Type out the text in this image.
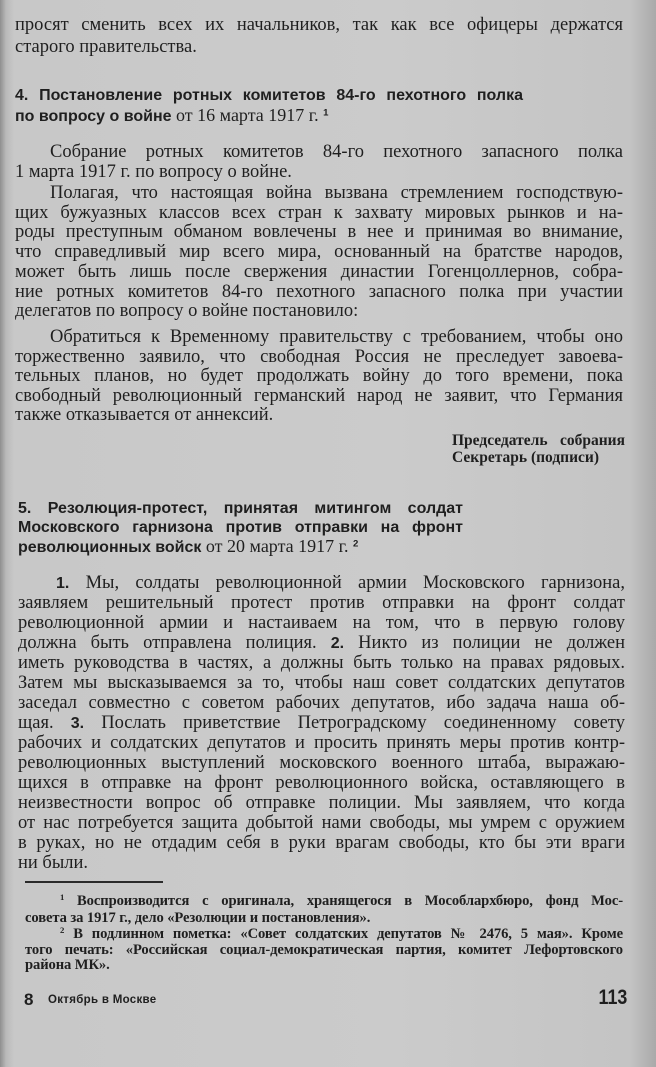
просят сменить всех их начальников, так как все офицеры держатся
старого правительства.
4. Постановление ротных комитетов 84-го пехотного полка
по вопросу о войне от 16 марта 1917 г. $^1$
Собрание ротных комитетов 84-го пехотного запасного полка
1 марта 1917 г. по вопросу о войне.
Полагая, что настоящая война вызвана стремлением господствую-
щих бужуазных классов всех стран к захвату мировых рынков и на-
роды преступным обманом вовлечены в нее и принимая во внимание,
что справедливый мир всего мира, основанный на братстве народов,
может быть лишь после свержения династии Гогенцоллернов, собра-
ние ротных комитетов 84-го пехотного запасного полка при участии
делегатов по вопросу о войне постановило:
Обратиться к Временному правительству с требованием, чтобы оно
торжественно заявило, что свободная Россия не преследует завоева-
тельных планов, но будет продолжать войну до того времени, пока
свободный революционный германский народ не заявит, что Германия
также отказывается от аннексий.
Председатель собрания
Секретарь (подписи)
5. Резолюция-протест, принятая митингом солдат
Московского гарнизона против отправки на фронт
революционных войск от 20 марта 1917 г. $^2$
1. Мы, солдаты революционной армии Московского гарнизона,
заявляем решительный протест против отправки на фронт солдат
революционной армии и настаиваем на том, что в первую голову
должна быть отправлена полиция. 2. Никто из полиции не должен
иметь руководства в частях, а должны быть только на правах рядовых.
Затем мы высказываемся за то, чтобы наш совет солдатских депутатов
заседал совместно с советом рабочих депутатов, ибо задача наша об-
щая. 3. Послать приветствие Петроградскому соединенному совету
рабочих и солдатских депутатов и просить принять меры против контр-
революционных выступлений московского военного штаба, выражаю-
щихся в отправке на фронт революционного войска, оставляющего в
неизвестности вопрос об отправке полиции. Мы заявляем, что когда
от нас потребуется защита добытой нами свободы, мы умрем с оружием
в руках, но не отдадим себя в руки врагам свободы, кто бы эти враги
ни были.
$^1$ Воспроизводится с оригинала, хранящегося в Мособлархбюро, фонд Мос-
совета за 1917 г., дело «Резолюции и постановления».
$^2$ В подлинном пометка: «Совет солдатских депутатов № 2476, 5 мая». Кроме
того печать: «Российская социал-демократическая партия, комитет Лефортовского
района МК».
8 Октябрь в Москве	113
